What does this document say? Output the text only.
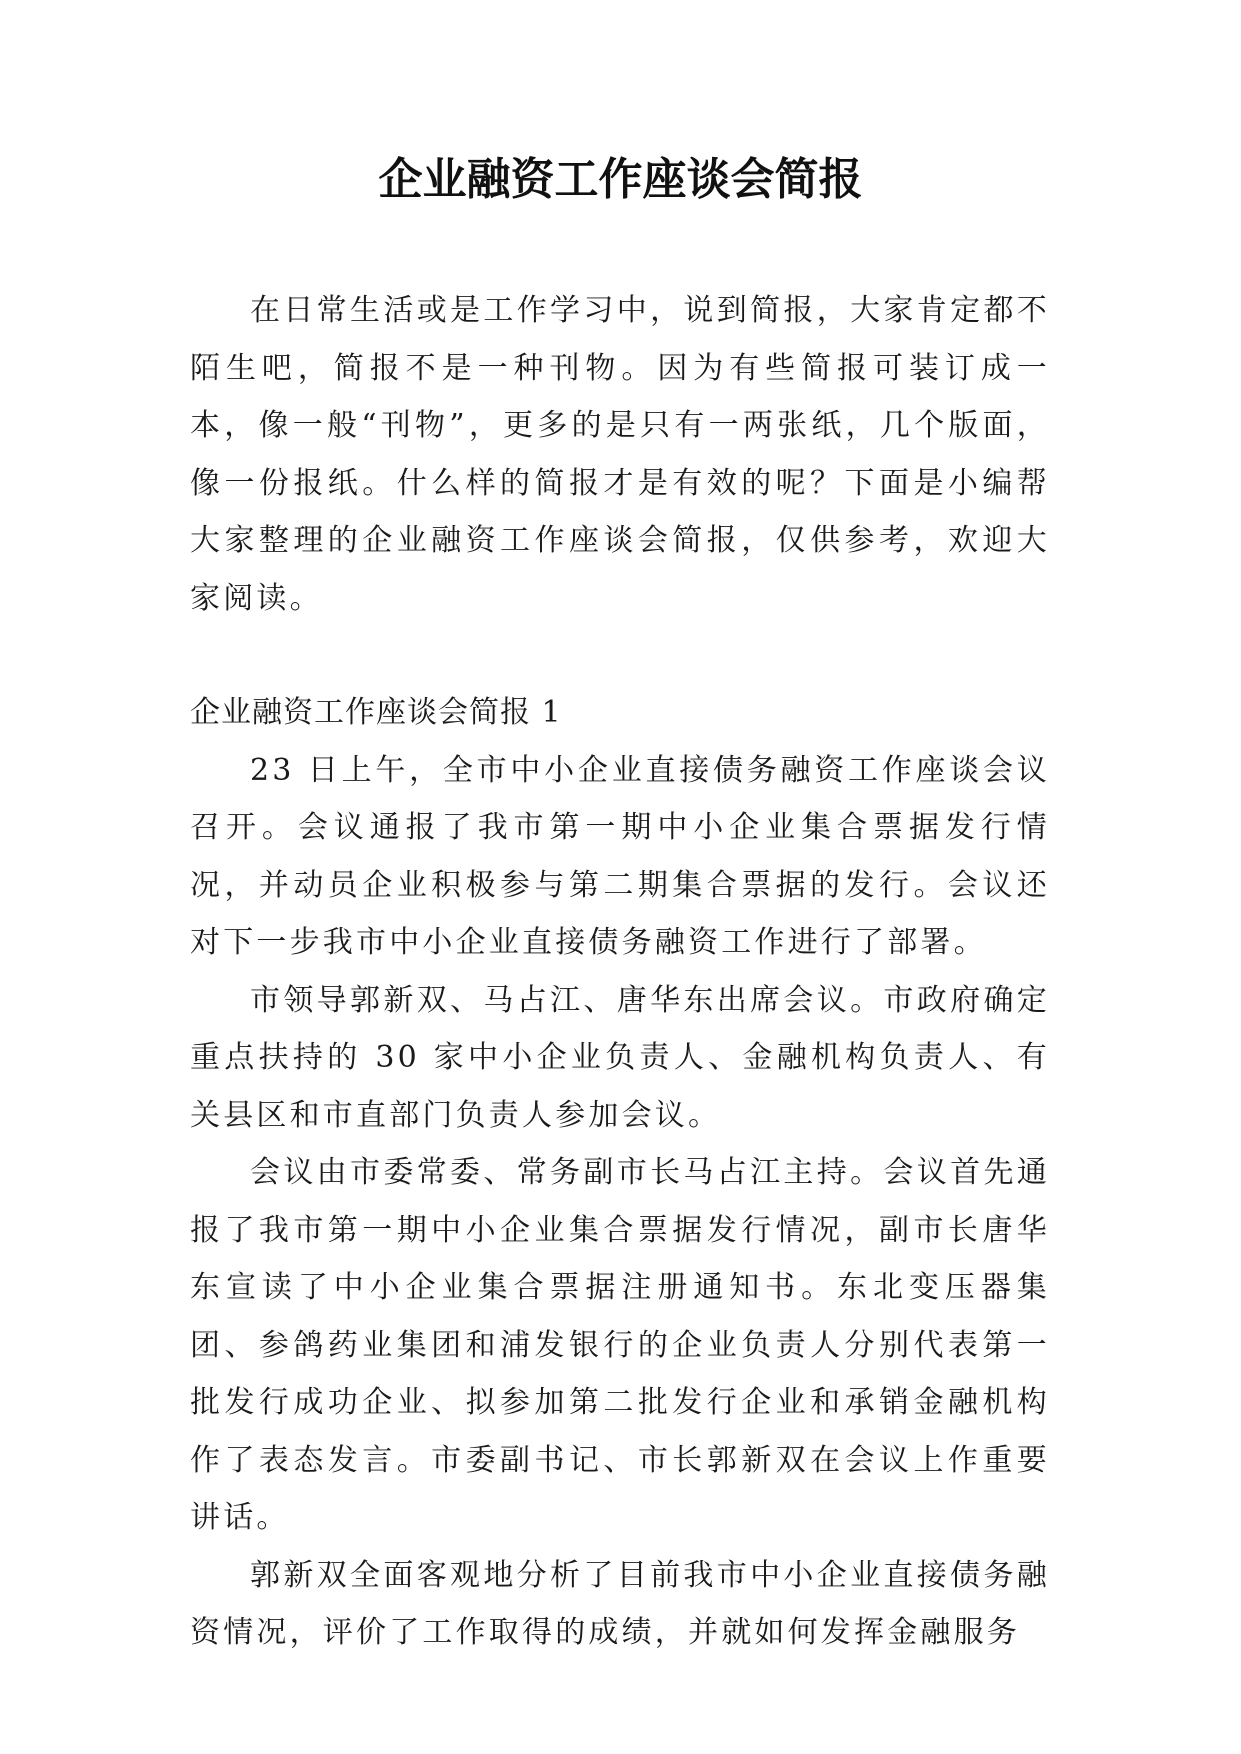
企业融资工作座谈会简报

在日常生活或是工作学习中，说到简报，大家肯定都不陌生吧，简报不是一种刊物。因为有些简报可装订成一本，像一般“刊物”，更多的是只有一两张纸，几个版面，像一份报纸。什么样的简报才是有效的呢？下面是小编帮大家整理的企业融资工作座谈会简报，仅供参考，欢迎大家阅读。

企业融资工作座谈会简报 1

23 日上午，全市中小企业直接债务融资工作座谈会议召开。会议通报了我市第一期中小企业集合票据发行情况，并动员企业积极参与第二期集合票据的发行。会议还对下一步我市中小企业直接债务融资工作进行了部署。

市领导郭新双、马占江、唐华东出席会议。市政府确定重点扶持的 30 家中小企业负责人、金融机构负责人、有关县区和市直部门负责人参加会议。

会议由市委常委、常务副市长马占江主持。会议首先通报了我市第一期中小企业集合票据发行情况，副市长唐华东宣读了中小企业集合票据注册通知书。东北变压器集团、参鸽药业集团和浦发银行的企业负责人分别代表第一批发行成功企业、拟参加第二批发行企业和承销金融机构作了表态发言。市委副书记、市长郭新双在会议上作重要讲话。

郭新双全面客观地分析了目前我市中小企业直接债务融资情况，评价了工作取得的成绩，并就如何发挥金融服务
